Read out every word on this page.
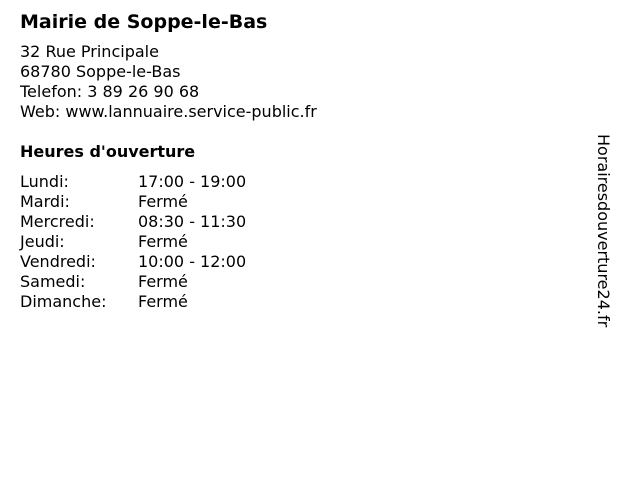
Mairie de Soppe-le-Bas
32 Rue Principale
68780 Soppe-le-Bas
Telefon: 3 89 26 90 68
Web: www.lannuaire.service-public.fr
Heures d'ouverture
Lundi:	17:00 - 19:00
Mardi:	Fermé
Mercredi:	08:30 - 11:30
Jeudi:	Fermé
Vendredi:	10:00 - 12:00
Samedi:	Fermé
Dimanche:	Fermé	Horairesdouverture24.fr
